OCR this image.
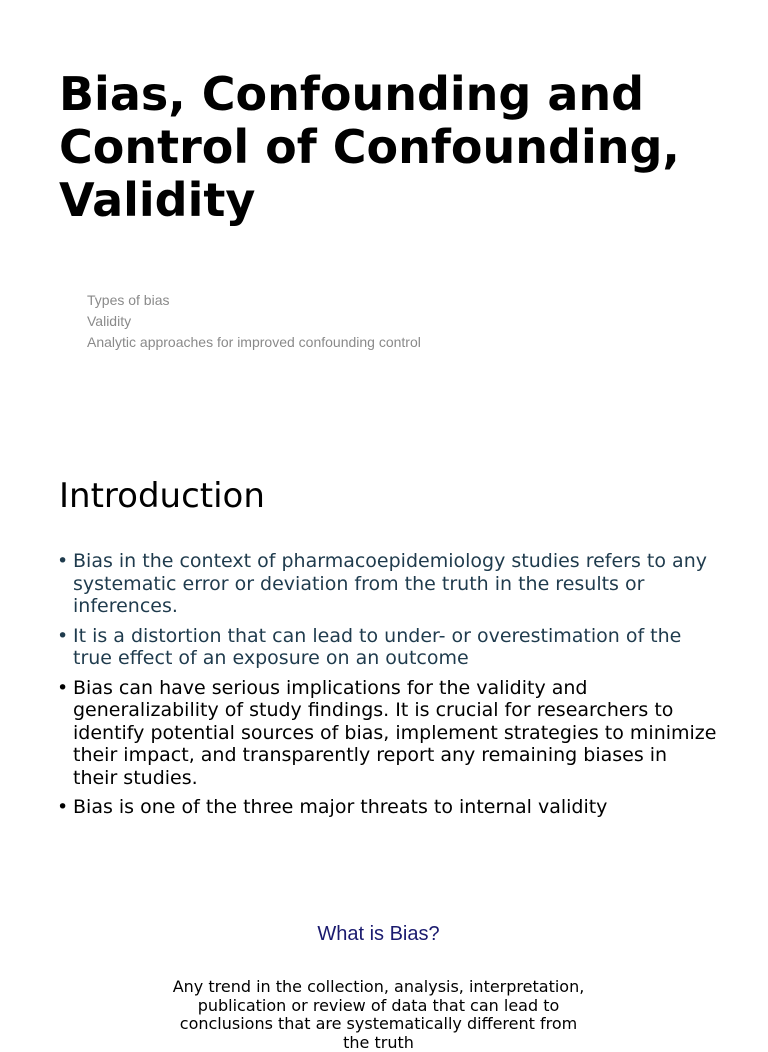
Bias, Confounding and
Control of Confounding,
Validity
Types of bias
Validity
Analytic approaches for improved confounding control
Introduction
• Bias in the context of pharmacoepidemiology studies refers to any systematic error or deviation from the truth in the results or inferences.
• It is a distortion that can lead to under- or overestimation of the true effect of an exposure on an outcome
• Bias can have serious implications for the validity and generalizability of study findings. It is crucial for researchers to identify potential sources of bias, implement strategies to minimize their impact, and transparently report any remaining biases in their studies.
• Bias is one of the three major threats to internal validity
What is Bias?

Any trend in the collection, analysis, interpretation, publication or review of data that can lead to conclusions that are systematically different from the truth
